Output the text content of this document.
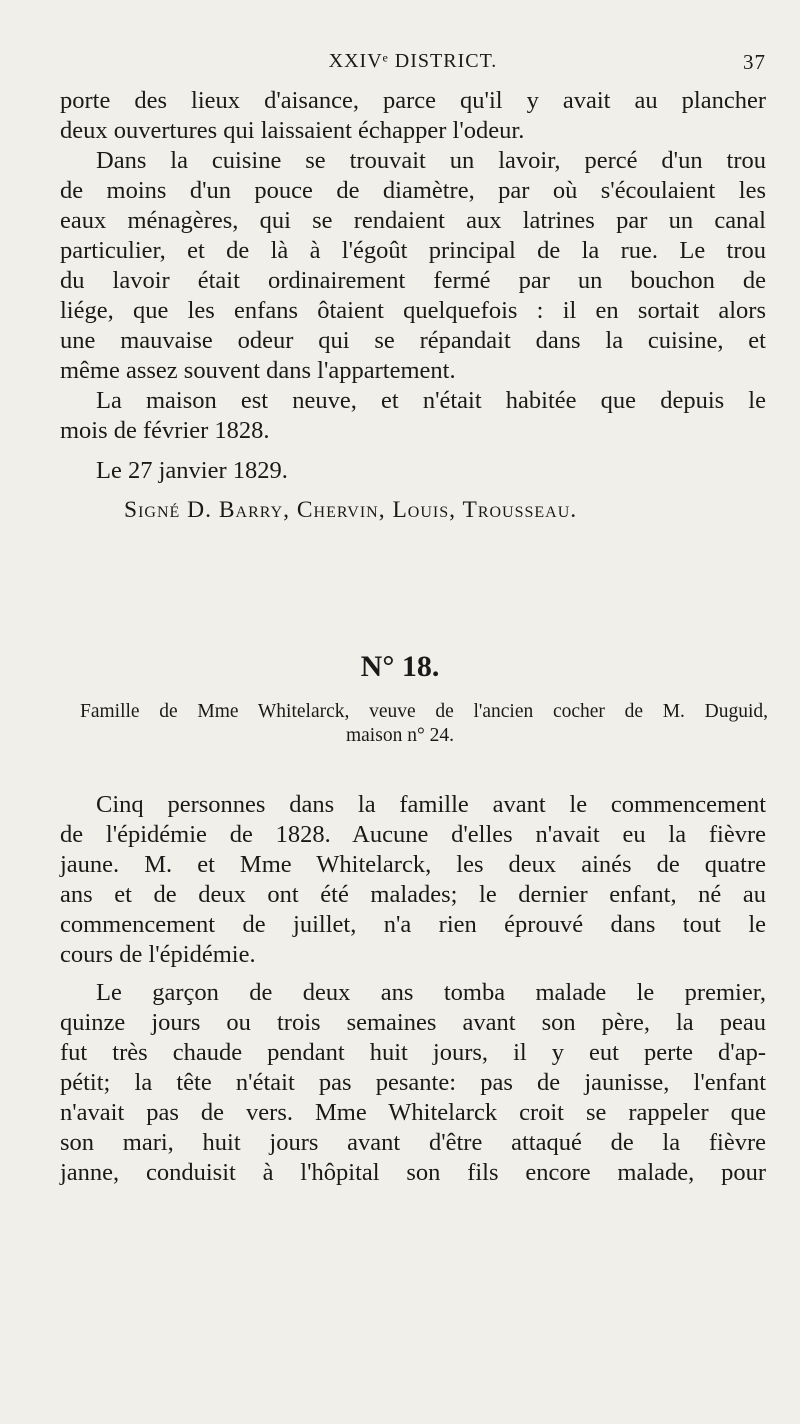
XXIVᵉ DISTRICT.	37
porte des lieux d'aisance, parce qu'il y avait au plancher
deux ouvertures qui laissaient échapper l'odeur.
Dans la cuisine se trouvait un lavoir, percé d'un trou
de moins d'un pouce de diamètre, par où s'écoulaient les
eaux ménagères, qui se rendaient aux latrines par un canal
particulier, et de là à l'égoût principal de la rue. Le trou
du lavoir était ordinairement fermé par un bouchon de
liége, que les enfans ôtaient quelquefois : il en sortait alors
une mauvaise odeur qui se répandait dans la cuisine, et
même assez souvent dans l'appartement.
La maison est neuve, et n'était habitée que depuis le
mois de février 1828.
Le 27 janvier 1829.
Signé D. Barry, Chervin, Louis, Trousseau.
N° 18.
Famille de Mme Whitelarck, veuve de l'ancien cocher de M. Duguid,
maison n° 24.
Cinq personnes dans la famille avant le commencement
de l'épidémie de 1828. Aucune d'elles n'avait eu la fièvre
jaune. M. et Mme Whitelarck, les deux ainés de quatre
ans et de deux ont été malades; le dernier enfant, né au
commencement de juillet, n'a rien éprouvé dans tout le
cours de l'épidémie.
Le garçon de deux ans tomba malade le premier,
quinze jours ou trois semaines avant son père, la peau
fut très chaude pendant huit jours, il y eut perte d'ap-
pétit; la tête n'était pas pesante: pas de jaunisse, l'enfant
n'avait pas de vers. Mme Whitelarck croit se rappeler que
son mari, huit jours avant d'être attaqué de la fièvre
janne, conduisit à l'hôpital son fils encore malade, pour
